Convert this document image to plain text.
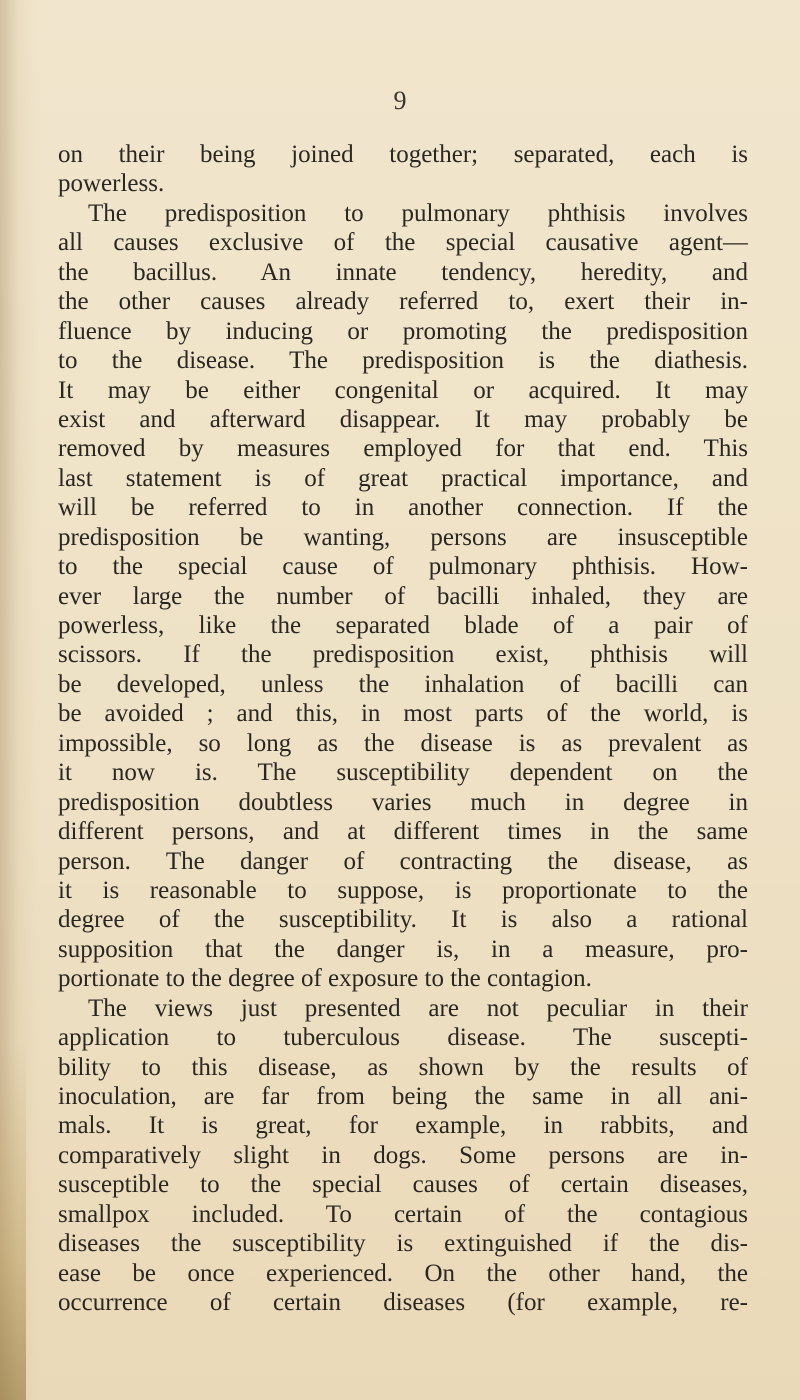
9
on their being joined together; separated, each is
powerless.
The predisposition to pulmonary phthisis involves
all causes exclusive of the special causative agent—
the bacillus. An innate tendency, heredity, and
the other causes already referred to, exert their in-
fluence by inducing or promoting the predisposition
to the disease. The predisposition is the diathesis.
It may be either congenital or acquired. It may
exist and afterward disappear. It may probably be
removed by measures employed for that end. This
last statement is of great practical importance, and
will be referred to in another connection. If the
predisposition be wanting, persons are insusceptible
to the special cause of pulmonary phthisis. How-
ever large the number of bacilli inhaled, they are
powerless, like the separated blade of a pair of
scissors. If the predisposition exist, phthisis will
be developed, unless the inhalation of bacilli can
be avoided ; and this, in most parts of the world, is
impossible, so long as the disease is as prevalent as
it now is. The susceptibility dependent on the
predisposition doubtless varies much in degree in
different persons, and at different times in the same
person. The danger of contracting the disease, as
it is reasonable to suppose, is proportionate to the
degree of the susceptibility. It is also a rational
supposition that the danger is, in a measure, pro-
portionate to the degree of exposure to the contagion.
The views just presented are not peculiar in their
application to tuberculous disease. The suscepti-
bility to this disease, as shown by the results of
inoculation, are far from being the same in all ani-
mals. It is great, for example, in rabbits, and
comparatively slight in dogs. Some persons are in-
susceptible to the special causes of certain diseases,
smallpox included. To certain of the contagious
diseases the susceptibility is extinguished if the dis-
ease be once experienced. On the other hand, the
occurrence of certain diseases (for example, re-
